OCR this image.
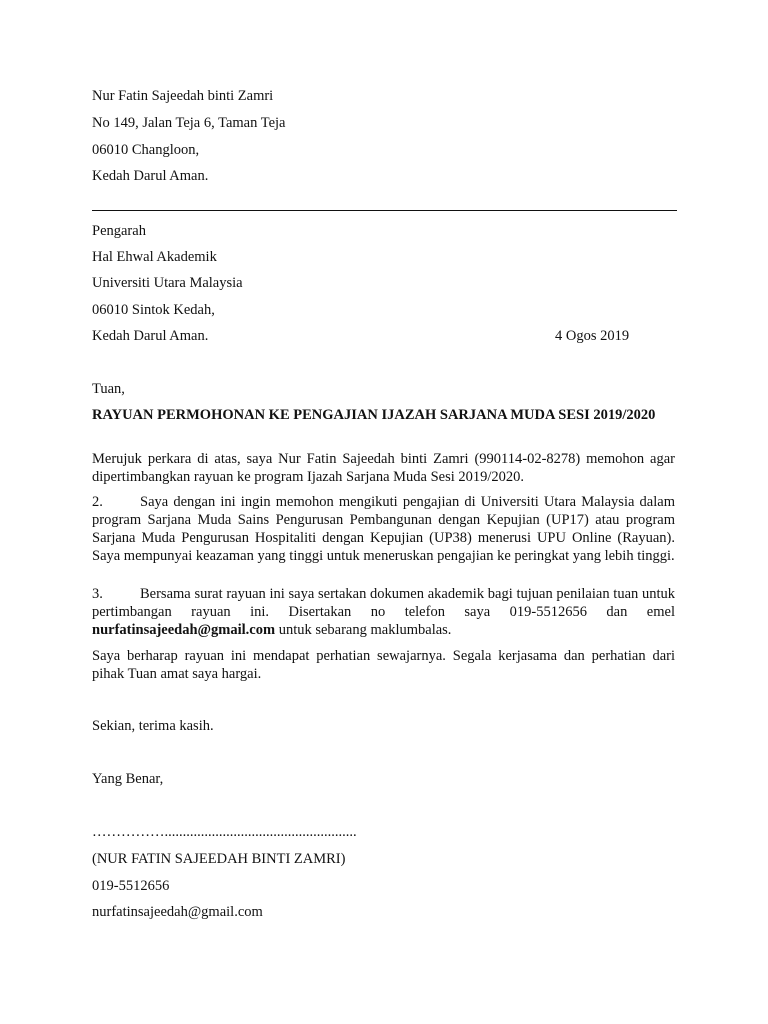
Nur Fatin Sajeedah binti Zamri
No 149, Jalan Teja 6, Taman Teja
06010 Changloon,
Kedah Darul Aman.
Pengarah
Hal Ehwal Akademik
Universiti Utara Malaysia
06010 Sintok Kedah,
Kedah Darul Aman.	4 Ogos 2019
Tuan,
RAYUAN PERMOHONAN KE PENGAJIAN IJAZAH SARJANA MUDA SESI 2019/2020
Merujuk perkara di atas, saya Nur Fatin Sajeedah binti Zamri (990114-02-8278) memohon agar dipertimbangkan rayuan ke program Ijazah Sarjana Muda Sesi 2019/2020.
2.	Saya dengan ini ingin memohon mengikuti pengajian di Universiti Utara Malaysia dalam program Sarjana Muda Sains Pengurusan Pembangunan dengan Kepujian (UP17) atau program Sarjana Muda Pengurusan Hospitaliti dengan Kepujian (UP38) menerusi UPU Online (Rayuan). Saya mempunyai keazaman yang tinggi untuk meneruskan pengajian ke peringkat yang lebih tinggi.
3.	Bersama surat rayuan ini saya sertakan dokumen akademik bagi tujuan penilaian tuan untuk pertimbangan rayuan ini. Disertakan no telefon saya 019-5512656 dan emel nurfatinsajeedah@gmail.com untuk sebarang maklumbalas.
Saya berharap rayuan ini mendapat perhatian sewajarnya. Segala kerjasama dan perhatian dari pihak Tuan amat saya hargai.
Sekian, terima kasih.
Yang Benar,
…………….....................................................
(NUR FATIN SAJEEDAH BINTI ZAMRI)
019-5512656
nurfatinsajeedah@gmail.com
